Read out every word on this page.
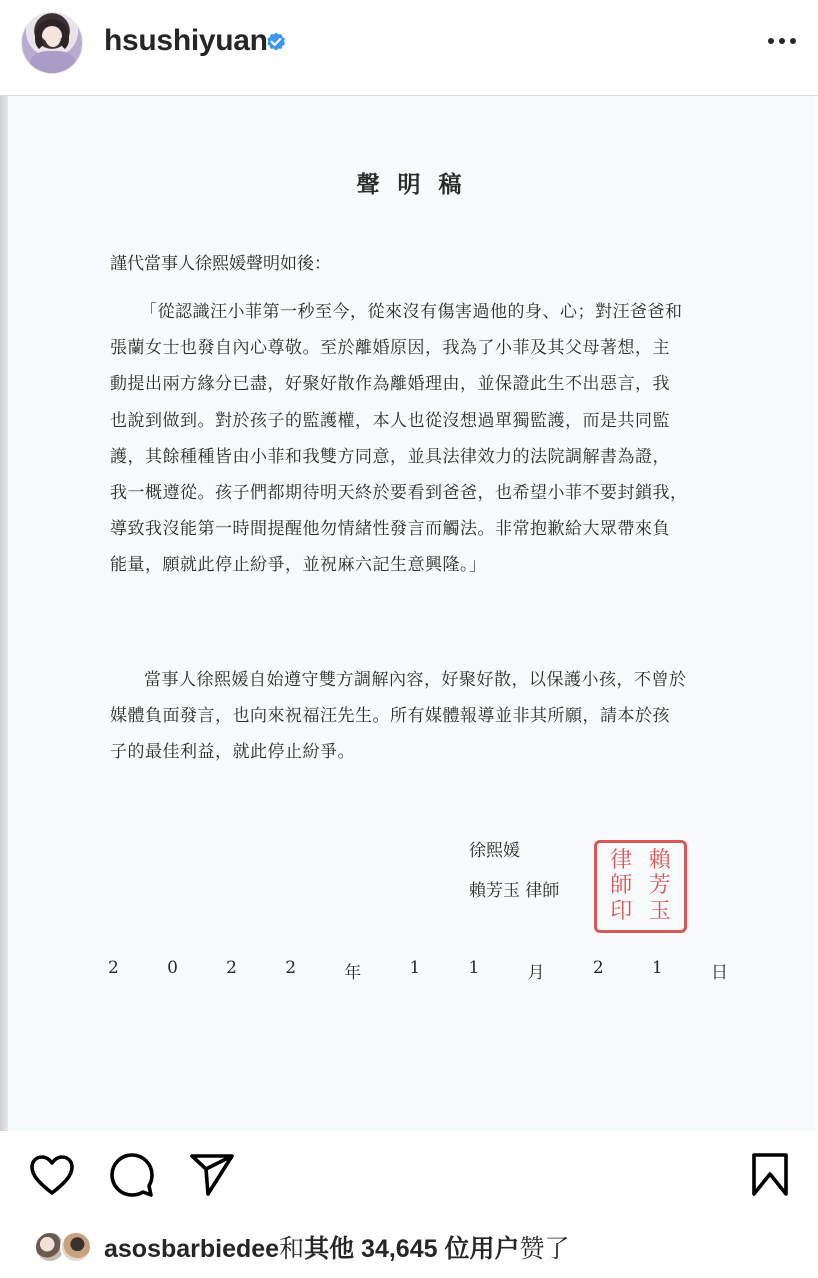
hsushiyuan
聲明稿
謹代當事人徐熙媛聲明如後：
「從認識汪小菲第一秒至今，從來沒有傷害過他的身、心；對汪爸爸和
張蘭女士也發自內心尊敬。至於離婚原因，我為了小菲及其父母著想，主
動提出兩方緣分已盡，好聚好散作為離婚理由，並保證此生不出惡言，我
也說到做到。對於孩子的監護權，本人也從沒想過單獨監護，而是共同監
護，其餘種種皆由小菲和我雙方同意，並具法律效力的法院調解書為證，
我一概遵從。孩子們都期待明天終於要看到爸爸，也希望小菲不要封鎖我，
導致我沒能第一時間提醒他勿情緒性發言而觸法。非常抱歉給大眾帶來負
能量，願就此停止紛爭，並祝麻六記生意興隆。」
當事人徐熙媛自始遵守雙方調解內容，好聚好散，以保護小孩，不曾於
媒體負面發言，也向來祝福汪先生。所有媒體報導並非其所願，請本於孩
子的最佳利益，就此停止紛爭。
徐熙媛
賴芳玉 律師
律
師
印
賴
芳
玉
2	0	2	2	年	1	1	月	2	1	日
asosbarbiedee和其他 34,645 位用户赞了
